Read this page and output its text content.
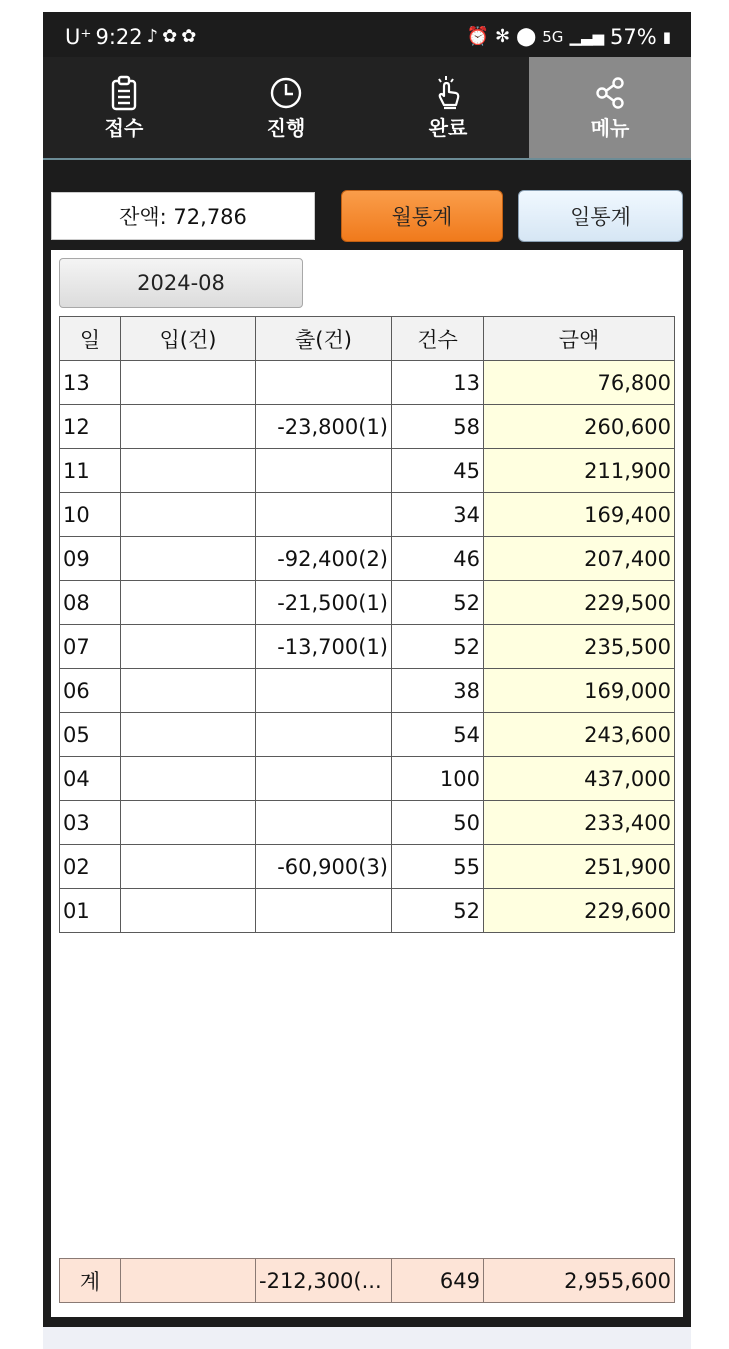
U⁺ 9:22 ♪ ✿ ✿	⏰ ✻ ⬤ 5G ▁▃▅ 57% ▮
접수	진행	완료	메뉴
잔액: 72,786	월통계	일통계
2024-08
일	입(건)	출(건)	건수	금액
13			13	76,800
12		-23,800(1)	58	260,600
11			45	211,900
10			34	169,400
09		-92,400(2)	46	207,400
08		-21,500(1)	52	229,500
07		-13,700(1)	52	235,500
06			38	169,000
05			54	243,600
04			100	437,000
03			50	233,400
02		-60,900(3)	55	251,900
01			52	229,600
계		-212,300(...	649	2,955,600
